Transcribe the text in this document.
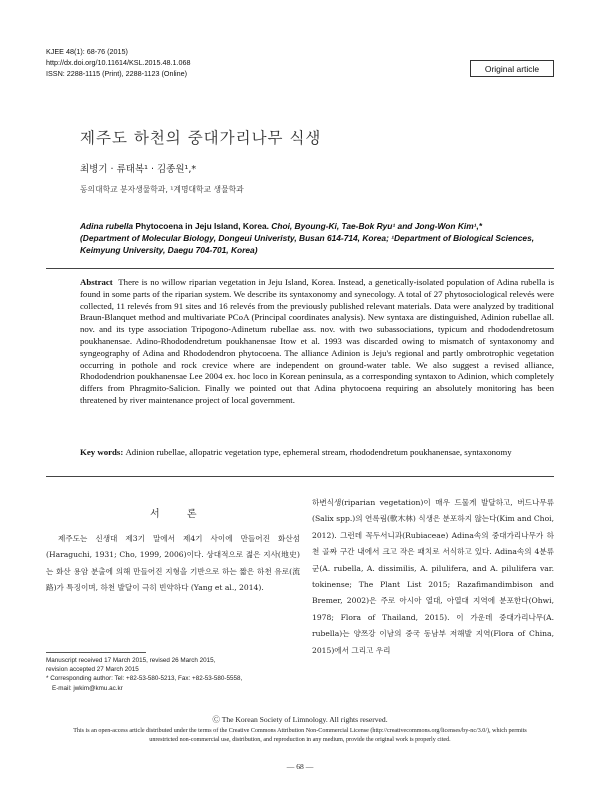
KJEE 48(1): 68-76 (2015)
http://dx.doi.org/10.11614/KSL.2015.48.1.068
ISSN: 2288-1115 (Print), 2288-1123 (Online)	Original article
제주도 하천의 중대가리나무 식생
최병기 · 류태복¹ · 김종원¹,*
동의대학교 분자생물학과, ¹계명대학교 생물학과
Adina rubella Phytocoena in Jeju Island, Korea. Choi, Byoung-Ki, Tae-Bok Ryu¹ and Jong-Won Kim¹,*
(Department of Molecular Biology, Dongeui Univeristy, Busan 614-714, Korea; ¹Department of Biological Sciences, Keimyung University, Daegu 704-701, Korea)
Abstract There is no willow riparian vegetation in Jeju Island, Korea. Instead, a genetically-isolated population of Adina rubella is found in some parts of the riparian system. We describe its syntaxonomy and synecology. A total of 27 phytosociological relevés were collected, 11 relevés from 91 sites and 16 relevés from the previously published relevant materials. Data were analyzed by traditional Braun-Blanquet method and multivariate PCoA (Principal coordinates analysis). New syntaxa are distinguished, Adinion rubellae all. nov. and its type association Tripogono-Adinetum rubellae ass. nov. with two subassociations, typicum and rhododendretosum poukhanensae. Adino-Rhododendretum poukhanensae Itow et al. 1993 was discarded owing to mismatch of syntaxonomy and syngeography of Adina and Rhododendron phytocoena. The alliance Adinion is Jeju's regional and partly ombrotrophic vegetation occurring in pothole and rock crevice where are independent on ground-water table. We also suggest a revised alliance, Rhododendrion poukhanensae Lee 2004 ex. hoc loco in Korean peninsula, as a corresponding syntaxon to Adinion, which completely differs from Phragmito-Salicion. Finally we pointed out that Adina phytocoena requiring an absolutely monitoring has been threatened by river maintenance project of local government.
Key words: Adinion rubellae, allopatric vegetation type, ephemeral stream, rhododendretum poukhanensae, syntaxonomy
서 론

제주도는 신생대 제3기 말에서 제4기 사이에 만들어진 화산섬(Haraguchi, 1931; Cho, 1999, 2006)이다. 상대적으로 젊은 지사(地史)는 화산 용암 분출에 의해 만들어진 지형을 기반으로 하는 짧은 하천 유로(流路)가 특징이며, 하천 발달이 극히 빈약하다 (Yang et al., 2014).

하변식생(riparian vegetation)이 매우 드물게 발달하고, 버드나무류(Salix spp.)의 연록림(軟木林) 식생은 분포하지 않는다(Kim and Choi, 2012). 그런데 꼭두서니과(Rubiaceae) Adina속의 중대가리나무가 하천 골짜 구간 내에서 크고 작은 패치로 서식하고 있다. Adina속의 4분류군(A. rubella, A. dissimilis, A. pilulifera, and A. pilulifera var. tokinense; The Plant List 2015; Razafimandimbison and Bremer, 2002)은 주로 아시아 열대, 아열대 지역에 분포한다(Ohwi, 1978; Flora of Thailand, 2015). 이 가운데 중대가리나무(A. rubella)는 양쯔강 이남의 중국 동남부 저해발 지역(Flora of China, 2015)에서 그리고 우리

Manuscript received 17 March 2015, revised 26 March 2015,
revision accepted 27 March 2015
* Corresponding author: Tel: +82-53-580-5213, Fax: +82-53-580-5558,
E-mail: jwkim@kmu.ac.kr
Ⓒ The Korean Society of Limnology. All rights reserved.
This is an open-access article distributed under the terms of the Creative Commons Attribution Non-Commercial License (http://creativecommons.org/licenses/by-nc/3.0/), which permits unrestricted non-commercial use, distribution, and reproduction in any medium, provide the original work is properly cited.
— 68 —
